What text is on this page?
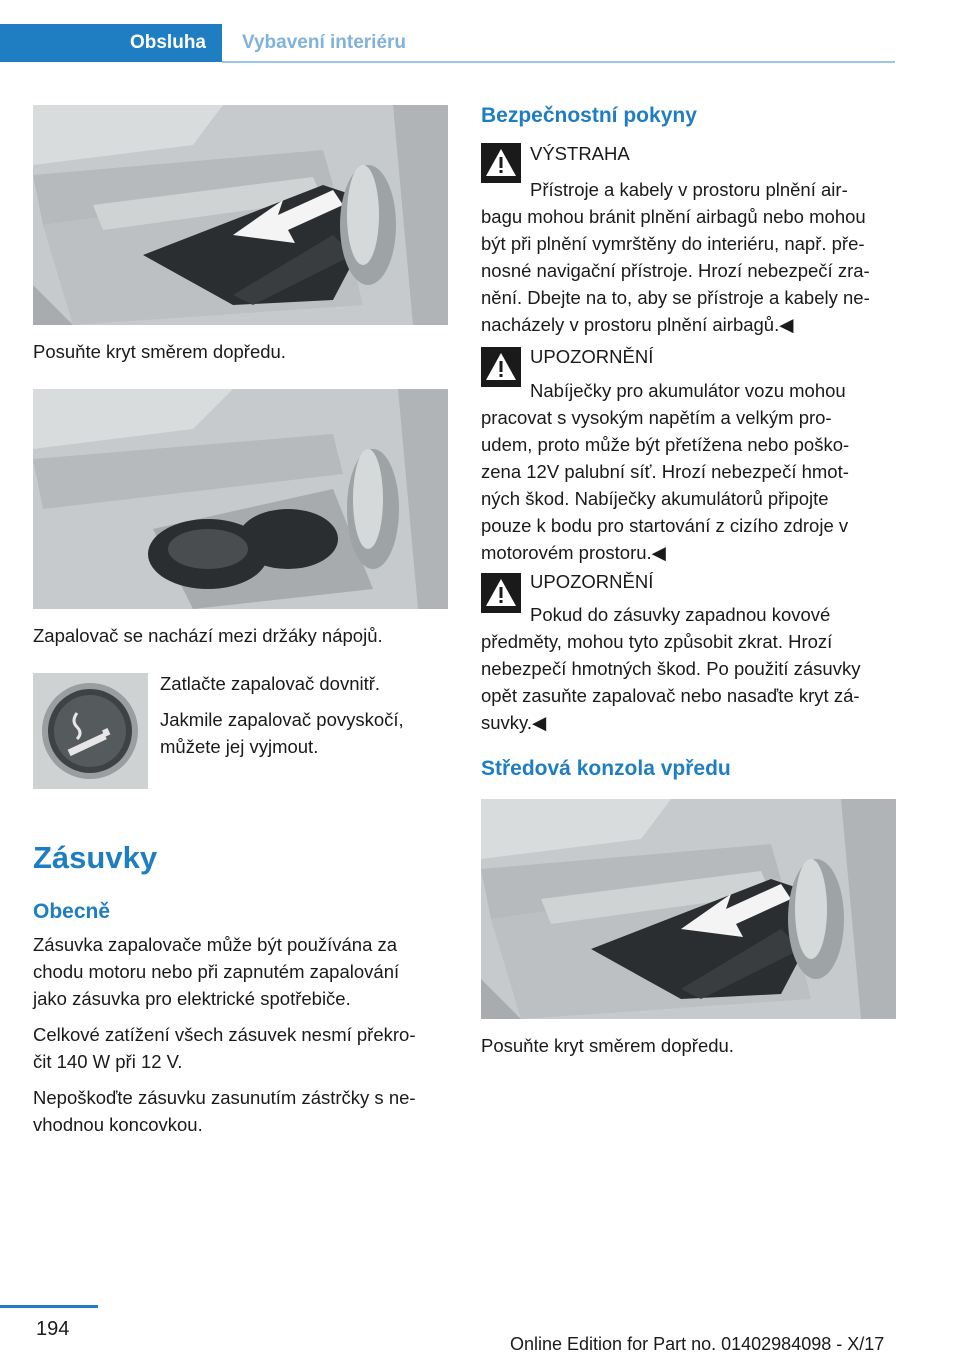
Obsluha Vybavení interiéru
Posuňte kryt směrem dopředu.
Zapalovač se nachází mezi držáky nápojů.

Zatlačte zapalovač dovnitř.

Jakmile zapalovač povyskočí,

můžete jej vyjmout.

Zásuvky
Obecně

Zásuvka zapalovače může být používána za

chodu motoru nebo při zapnutém zapalování

jako zásuvka pro elektrické spotřebiče.

Celkové zatížení všech zásuvek nesmí překro‐

čit 140 W při 12 V.

Nepoškoďte zásuvku zasunutím zástrčky s ne‐

vhodnou koncovkou.

Bezpečnostní pokyny
VÝSTRAHA
Přístroje a kabely v prostoru plnění air‐

bagu mohou bránit plnění airbagů nebo mohou

být při plnění vymrštěny do interiéru, např. pře‐

nosné navigační přístroje. Hrozí nebezpečí zra‐

nění. Dbejte na to, aby se přístroje a kabely ne‐

nacházely v prostoru plnění airbagů.◀

UPOZORNĚNÍ
Nabíječky pro akumulátor vozu mohou

pracovat s vysokým napětím a velkým pro‐

udem, proto může být přetížena nebo poško‐

zena 12V palubní síť. Hrozí nebezpečí hmot‐

ných škod. Nabíječky akumulátorů připojte

pouze k bodu pro startování z cizího zdroje v

motorovém prostoru.◀

UPOZORNĚNÍ
Pokud do zásuvky zapadnou kovové

předměty, mohou tyto způsobit zkrat. Hrozí

nebezpečí hmotných škod. Po použití zásuvky

opět zasuňte zapalovač nebo nasaďte kryt zá‐

suvky.◀

Středová konzola vpředu
Posuňte kryt směrem dopředu.
194
Online Edition for Part no. 01402984098 - X/17
